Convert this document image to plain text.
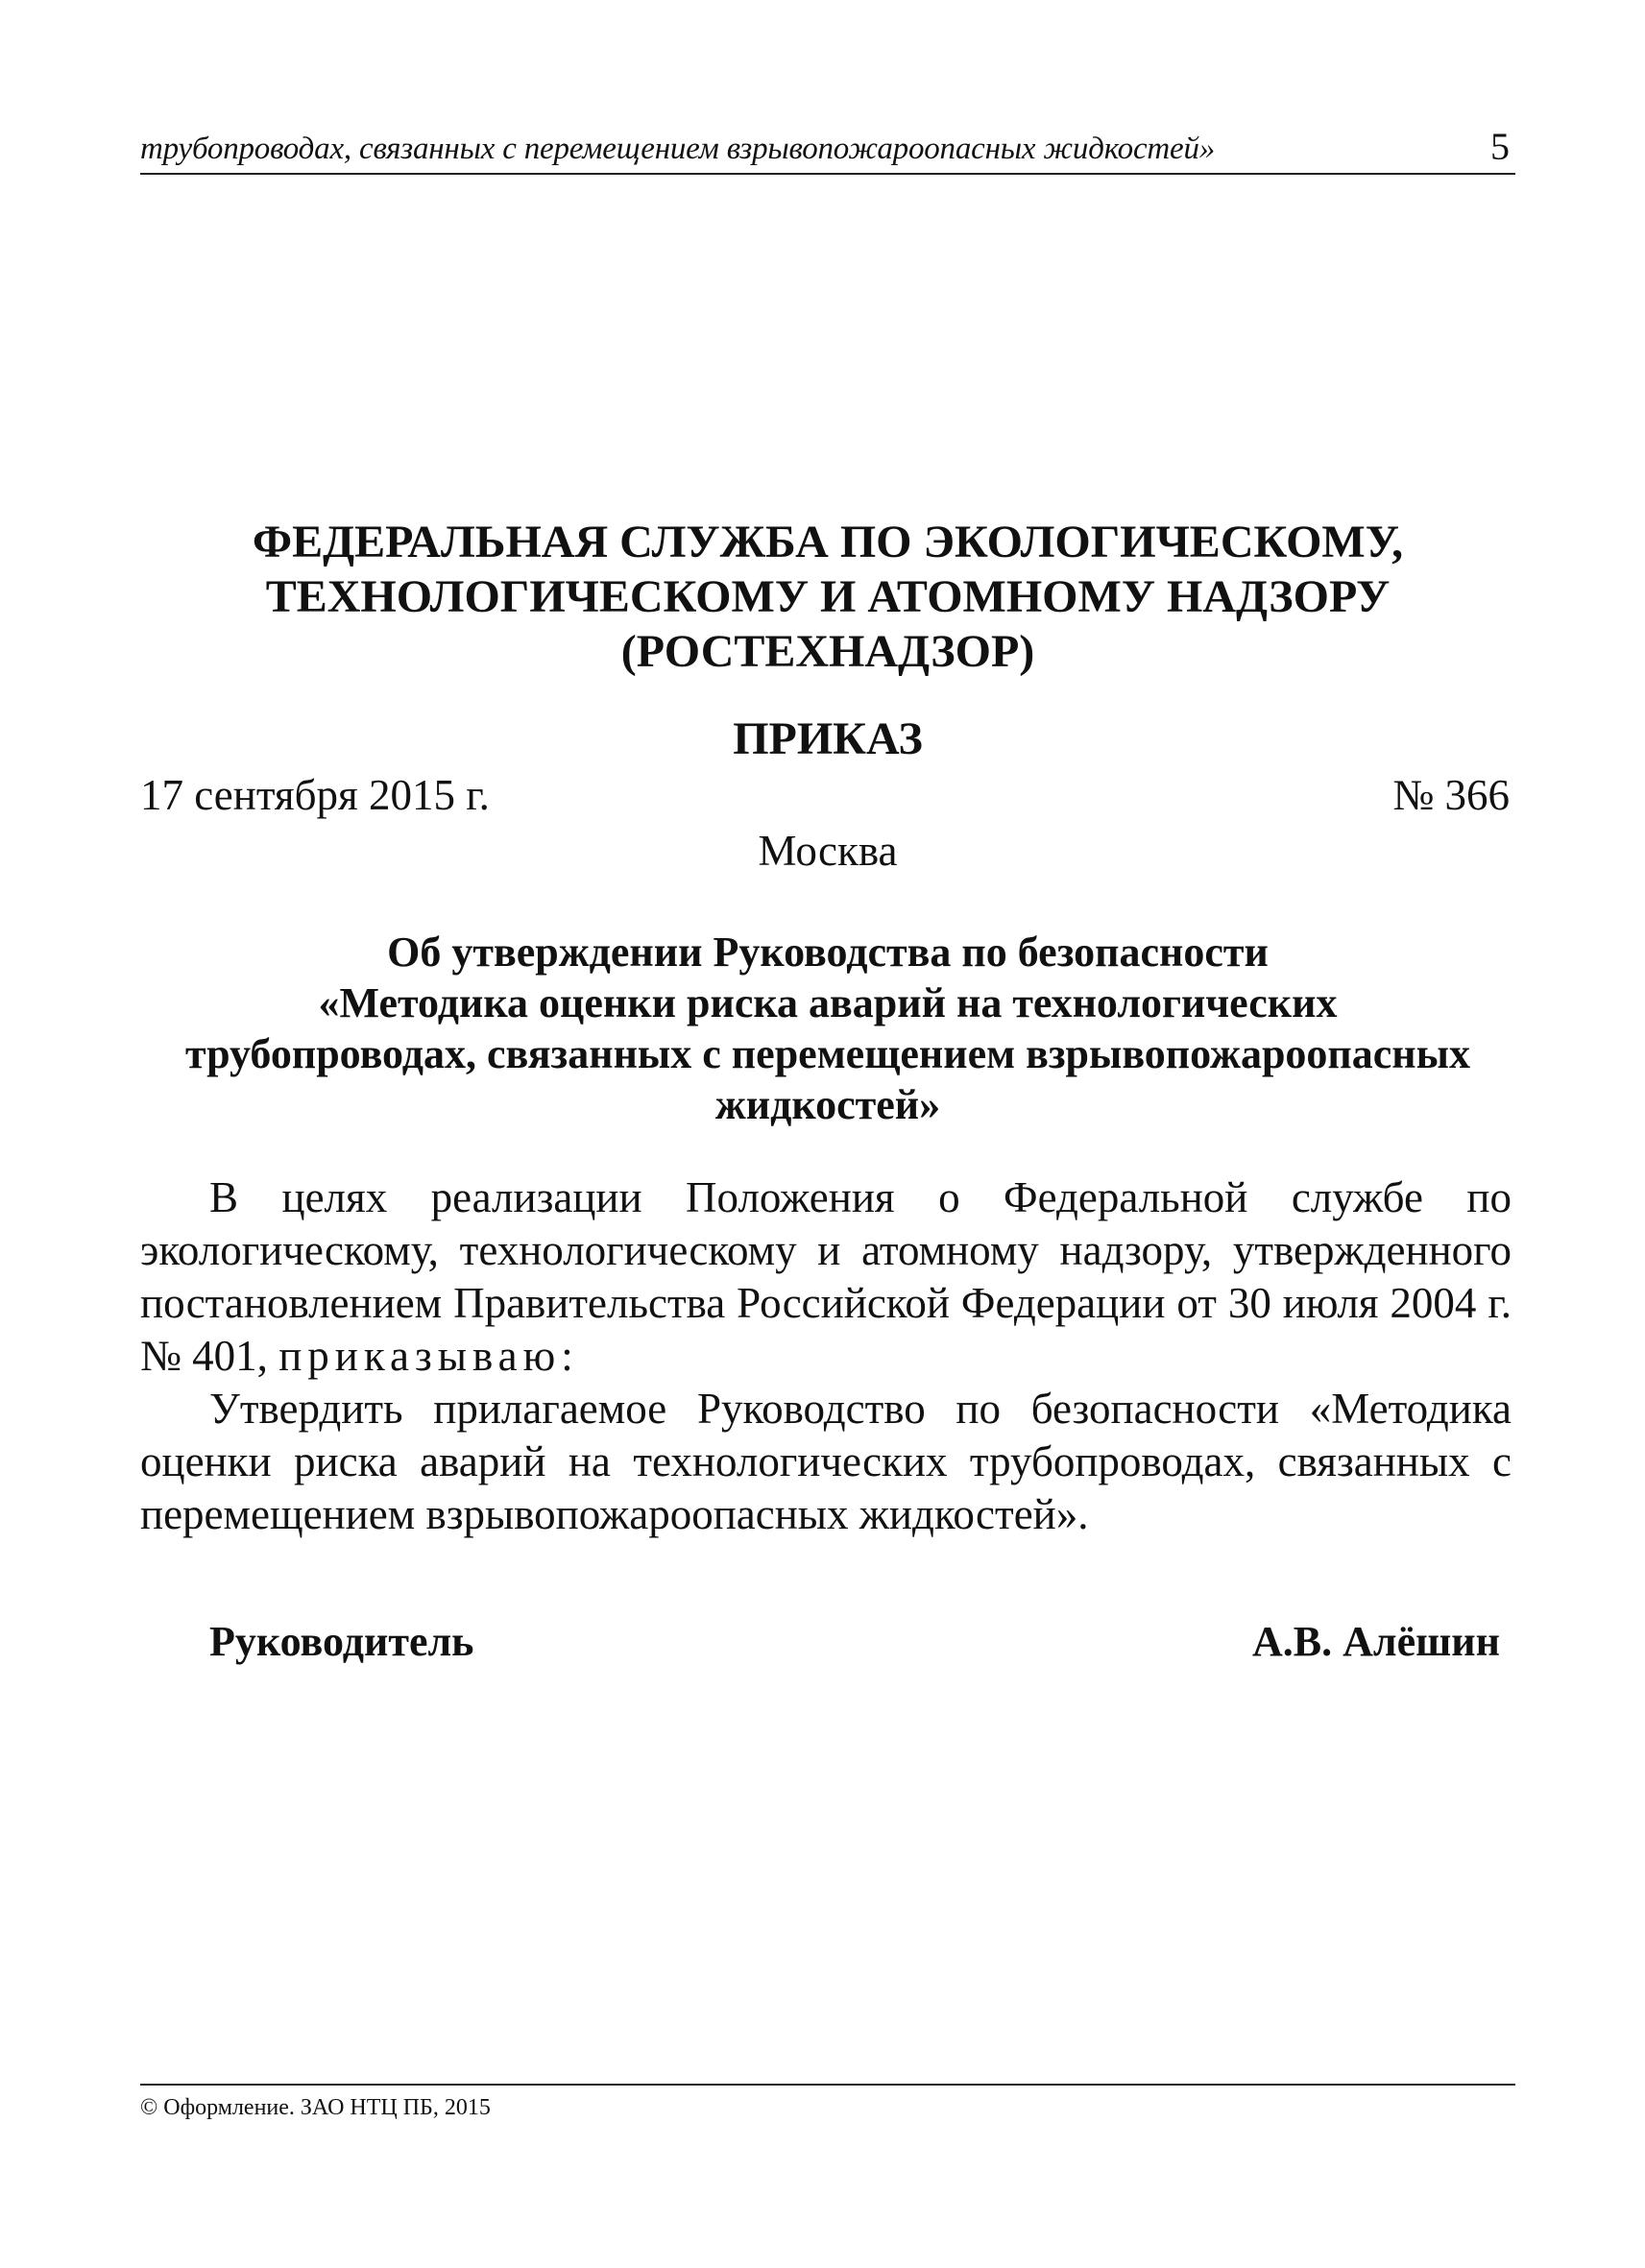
трубопроводах, связанных с перемещением взрывопожароопасных жидкостей»	5
ФЕДЕРАЛЬНАЯ СЛУЖБА ПО ЭКОЛОГИЧЕСКОМУ,
ТЕХНОЛОГИЧЕСКОМУ И АТОМНОМУ НАДЗОРУ
(РОСТЕХНАДЗОР)
ПРИКАЗ
17 сентября 2015 г.	№ 366
Москва
Об утверждении Руководства по безопасности
«Методика оценки риска аварий на технологических
трубопроводах, связанных с перемещением взрывопожароопасных
жидкостей»

В целях реализации Положения о Федеральной службе по экологическому, технологическому и атомному надзору, утвержденного постановлением Правительства Российской Федерации от 30 июля 2004 г. № 401, приказываю:

Утвердить прилагаемое Руководство по безопасности «Методика оценки риска аварий на технологических трубопроводах, связанных с перемещением взрывопожароопасных жидкостей».

Руководитель	А.В. Алёшин
© Оформление. ЗАО НТЦ ПБ, 2015
